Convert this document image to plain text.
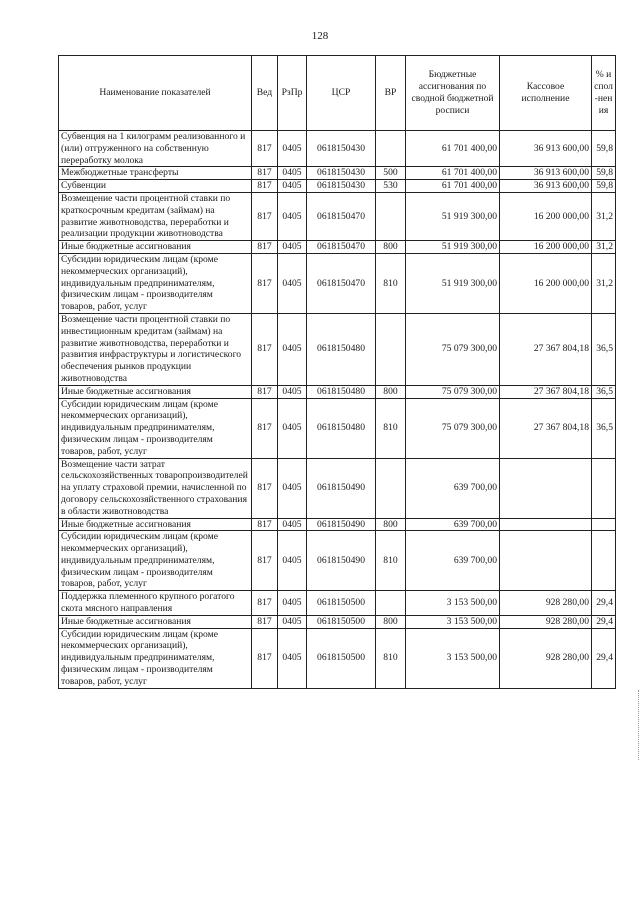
128
Наименование показателей	Вед	РзПр	ЦСР	ВР	Бюджетные ассигнования по сводной бюджетной росписи	Кассовое исполнение	% испол-нения
Субвенция на 1 килограмм реализованного и (или) отгруженного на собственную переработку молока	817	0405	0618150430		61 701 400,00	36 913 600,00	59,8
Межбюджетные трансферты	817	0405	0618150430	500	61 701 400,00	36 913 600,00	59,8
Субвенции	817	0405	0618150430	530	61 701 400,00	36 913 600,00	59,8
Возмещение части процентной ставки по краткосрочным кредитам (займам) на развитие животноводства, переработки и реализации продукции животноводства	817	0405	0618150470		51 919 300,00	16 200 000,00	31,2
Иные бюджетные ассигнования	817	0405	0618150470	800	51 919 300,00	16 200 000,00	31,2
Субсидии юридическим лицам (кроме некоммерческих организаций), индивидуальным предпринимателям, физическим лицам - производителям товаров, работ, услуг	817	0405	0618150470	810	51 919 300,00	16 200 000,00	31,2
Возмещение части процентной ставки по инвестиционным кредитам (займам) на развитие животноводства, переработки и развития инфраструктуры и логистического обеспечения рынков продукции животноводства	817	0405	0618150480		75 079 300,00	27 367 804,18	36,5
Иные бюджетные ассигнования	817	0405	0618150480	800	75 079 300,00	27 367 804,18	36,5
Субсидии юридическим лицам (кроме некоммерческих организаций), индивидуальным предпринимателям, физическим лицам - производителям товаров, работ, услуг	817	0405	0618150480	810	75 079 300,00	27 367 804,18	36,5
Возмещение части затрат сельскохозяйственных товаропроизводителей на уплату страховой премии, начисленной по договору сельскохозяйственного страхования в области животноводства	817	0405	0618150490		639 700,00		
Иные бюджетные ассигнования	817	0405	0618150490	800	639 700,00		
Субсидии юридическим лицам (кроме некоммерческих организаций), индивидуальным предпринимателям, физическим лицам - производителям товаров, работ, услуг	817	0405	0618150490	810	639 700,00		
Поддержка племенного крупного рогатого скота мясного направления	817	0405	0618150500		3 153 500,00	928 280,00	29,4
Иные бюджетные ассигнования	817	0405	0618150500	800	3 153 500,00	928 280,00	29,4
Субсидии юридическим лицам (кроме некоммерческих организаций), индивидуальным предпринимателям, физическим лицам - производителям товаров, работ, услуг	817	0405	0618150500	810	3 153 500,00	928 280,00	29,4
